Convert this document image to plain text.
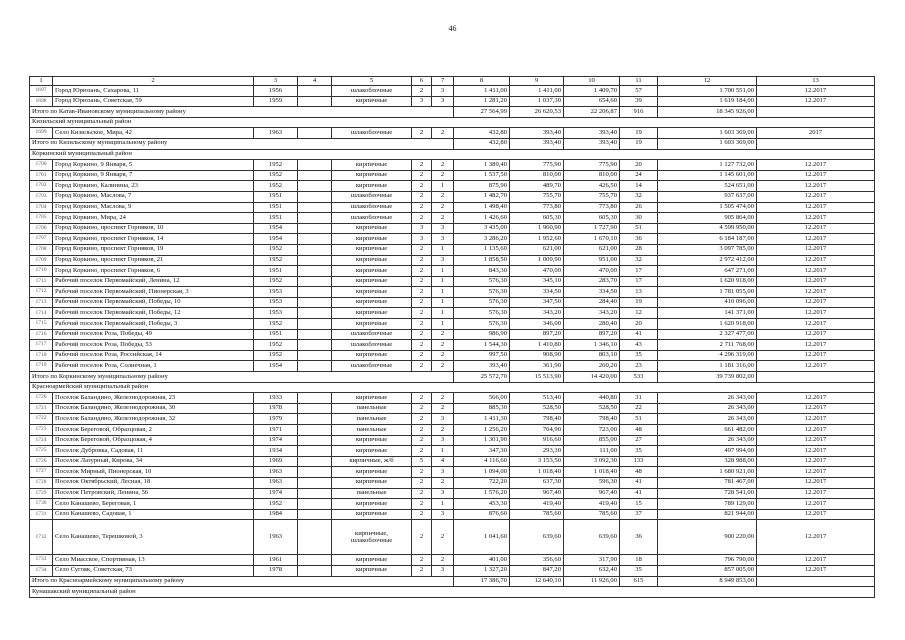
46
1	2	3	4	5	6	7	8	9	10	11	12	13
1697	Город Юрюзань, Сахарова, 11	1956		шлакоблочные	2	3	1 411,00	1 411,00	1 409,70	57	1 700 551,00	12.2017
1698	Город Юрюзань, Советская, 59	1959		кирпичные	3	3	1 281,20	1 037,30	654,60	39	1 619 184,00	12.2017
Итого по Катав-Ивановскому муниципальному району							27 564,99	26 620,53	22 206,87	916	18 345 926,00	
Кизильский муниципальный район												
1699	Село Кизильское, Мира, 42	1963		шлакоблочные	2	2	432,80	393,40	393,40	19	1 603 369,00	2017
Итого по Кизильскому муниципальному району							432,80	393,40	393,40	19	1 603 369,00	
Коркинский муниципальный район												
1700	Город Коркино, 9 Января, 5	1952		кирпичные	2	2	1 389,40	775,90	775,90	20	1 127 732,00	12.2017
1701	Город Коркино, 9 Января, 7	1952		кирпичные	2	2	1 537,50	810,00	810,00	24	1 145 601,00	12.2017
1702	Город Коркино, Калинина, 23	1952		кирпичные	2	1	875,90	489,70	426,50	14	524 651,00	12.2017
1703	Город Коркино, Маслова, 7	1951		шлакоблочные	2	2	1 482,70	755,70	755,70	32	937 637,00	12.2017
1704	Город Коркино, Маслова, 9	1951		шлакоблочные	2	2	1 498,40	773,80	773,80	26	1 505 474,00	12.2017
1705	Город Коркино, Мира, 24	1951		шлакоблочные	2	2	1 426,60	605,30	605,30	30	905 864,00	12.2017
1706	Город Коркино, проспект Горняков, 10	1954		кирпичные	3	3	3 435,00	1 960,90	1 727,90	51	4 599 950,00	12.2017
1707	Город Коркино, проспект Горняков, 14	1954		кирпичные	3	3	3 286,20	1 952,60	1 670,10	36	6 184 187,00	12.2017
1708	Город Коркино, проспект Горняков, 19	1952		кирпичные	2	1	1 135,60	621,00	621,00	28	3 097 785,00	12.2017
1709	Город Коркино, проспект Горняков, 21	1952		кирпичные	2	3	1 858,50	1 009,90	951,00	32	2 972 412,00	12.2017
1710	Город Коркино, проспект Горняков, 6	1951		кирпичные	2	1	843,30	470,00	470,00	17	647 271,00	12.2017
1711	Рабочий поселок Первомайский, Ленина, 12	1952		кирпичные	2	1	576,30	345,10	283,70	17	1 620 918,00	12.2017
1712	Рабочий поселок Первомайский, Пионерская, 3	1953		кирпичные	2	1	576,30	334,50	334,50	13	1 781 055,00	12.2017
1713	Рабочий поселок Первомайский, Победы, 10	1953		кирпичные	2	1	576,30	347,50	284,40	19	410 096,00	12.2017
1714	Рабочий поселок Первомайский, Победы, 12	1953		кирпичные	2	1	576,30	343,20	343,20	12	141 371,00	12.2017
1715	Рабочий поселок Первомайский, Победы, 3	1952		кирпичные	2	1	576,30	346,00	280,40	20	1 620 918,00	12.2017
1716	Рабочий поселок Роза, Победы, 49	1951		шлакоблочные	2	2	986,90	897,20	897,20	41	2 327 477,00	12.2017
1717	Рабочий поселок Роза, Победы, 53	1952		шлакоблочные	2	2	1 544,30	1 410,80	1 346,10	43	2 711 768,00	12.2017
1718	Рабочий поселок Роза, Российская, 14	1952		кирпичные	2	2	997,50	908,90	803,10	35	4 296 319,00	12.2017
1719	Рабочий поселок Роза, Солнечная, 1	1954		шлакоблочные	2	2	393,40	361,90	260,20	23	1 181 316,00	12.2017
Итого по Коркинскому муниципальному району							25 572,70	15 513,90	14 420,00	533	39 739 802,00	
Красноармейский муниципальный район												
1720	Поселок Баландино, Железнодорожная, 23	1933		кирпичные	2	2	566,00	513,40	440,80	31	26 343,00	12.2017
1721	Поселок Баландино, Железнодорожная, 30	1978		панельные	2	2	885,30	528,50	528,50	22	26 343,00	12.2017
1722	Поселок Баландино, Железнодорожная, 32	1979		панельные	2	3	1 411,30	798,40	798,40	51	26 343,00	12.2017
1723	Поселок Береговой, Образцовая, 2	1971		панельные	2	2	1 256,20	764,90	723,00	48	661 482,00	12.2017
1724	Поселок Береговой, Образцовая, 4	1974		кирпичные	2	3	1 301,90	916,60	855,00	27	26 343,00	12.2017
1725	Поселок Дубровка, Садовая, 11	1934		кирпичные	2	1	347,30	293,30	111,00	35	497 994,00	12.2017
1726	Поселок Лазурный, Кирова, 34	1969		кирпичные, ж/б	5	4	4 116,60	3 153,50	3 092,30	133	328 988,00	12.2017
1727	Поселок Мирный, Пионерская, 10	1963		кирпичные	2	3	1 094,00	1 018,40	1 018,40	48	1 680 921,00	12.2017
1728	Поселок Октябрьский, Лесная, 18	1963		кирпичные	2	2	722,20	637,30	596,30	41	781 467,00	12.2017
1729	Поселок Петровский, Ленина, 56	1974		панельные	2	3	1 576,20	967,40	967,40	41	728 541,00	12.2017
1730	Село Канашево, Береговая, 1	1952		кирпичные	2	1	453,30	419,40	419,40	15	789 129,00	12.2017
1731	Село Канашево, Садовая, 1	1984		кирпичные	2	3	876,60	785,60	785,60	37	821 944,00	12.2017
1732	Село Канашево, Терешковой, 3	1963		кирпичные, шлакоблочные	2	2	1 041,60	639,60	639,60	36	900 220,00	12.2017
1733	Село Миасское, Спортивная, 13	1961		кирпичные	2	2	401,00	356,60	317,90	18	796 790,00	12.2017
1734	Село Сугояк, Советская, 73	1978		кирпичные	2	3	1 327,20	847,20	632,40	35	857 005,00	12.2017
Итого по Красноармейскому муниципальному району							17 386,70	12 640,10	11 926,00	615	8 949 853,00	
Кунашакский муниципальный район												
